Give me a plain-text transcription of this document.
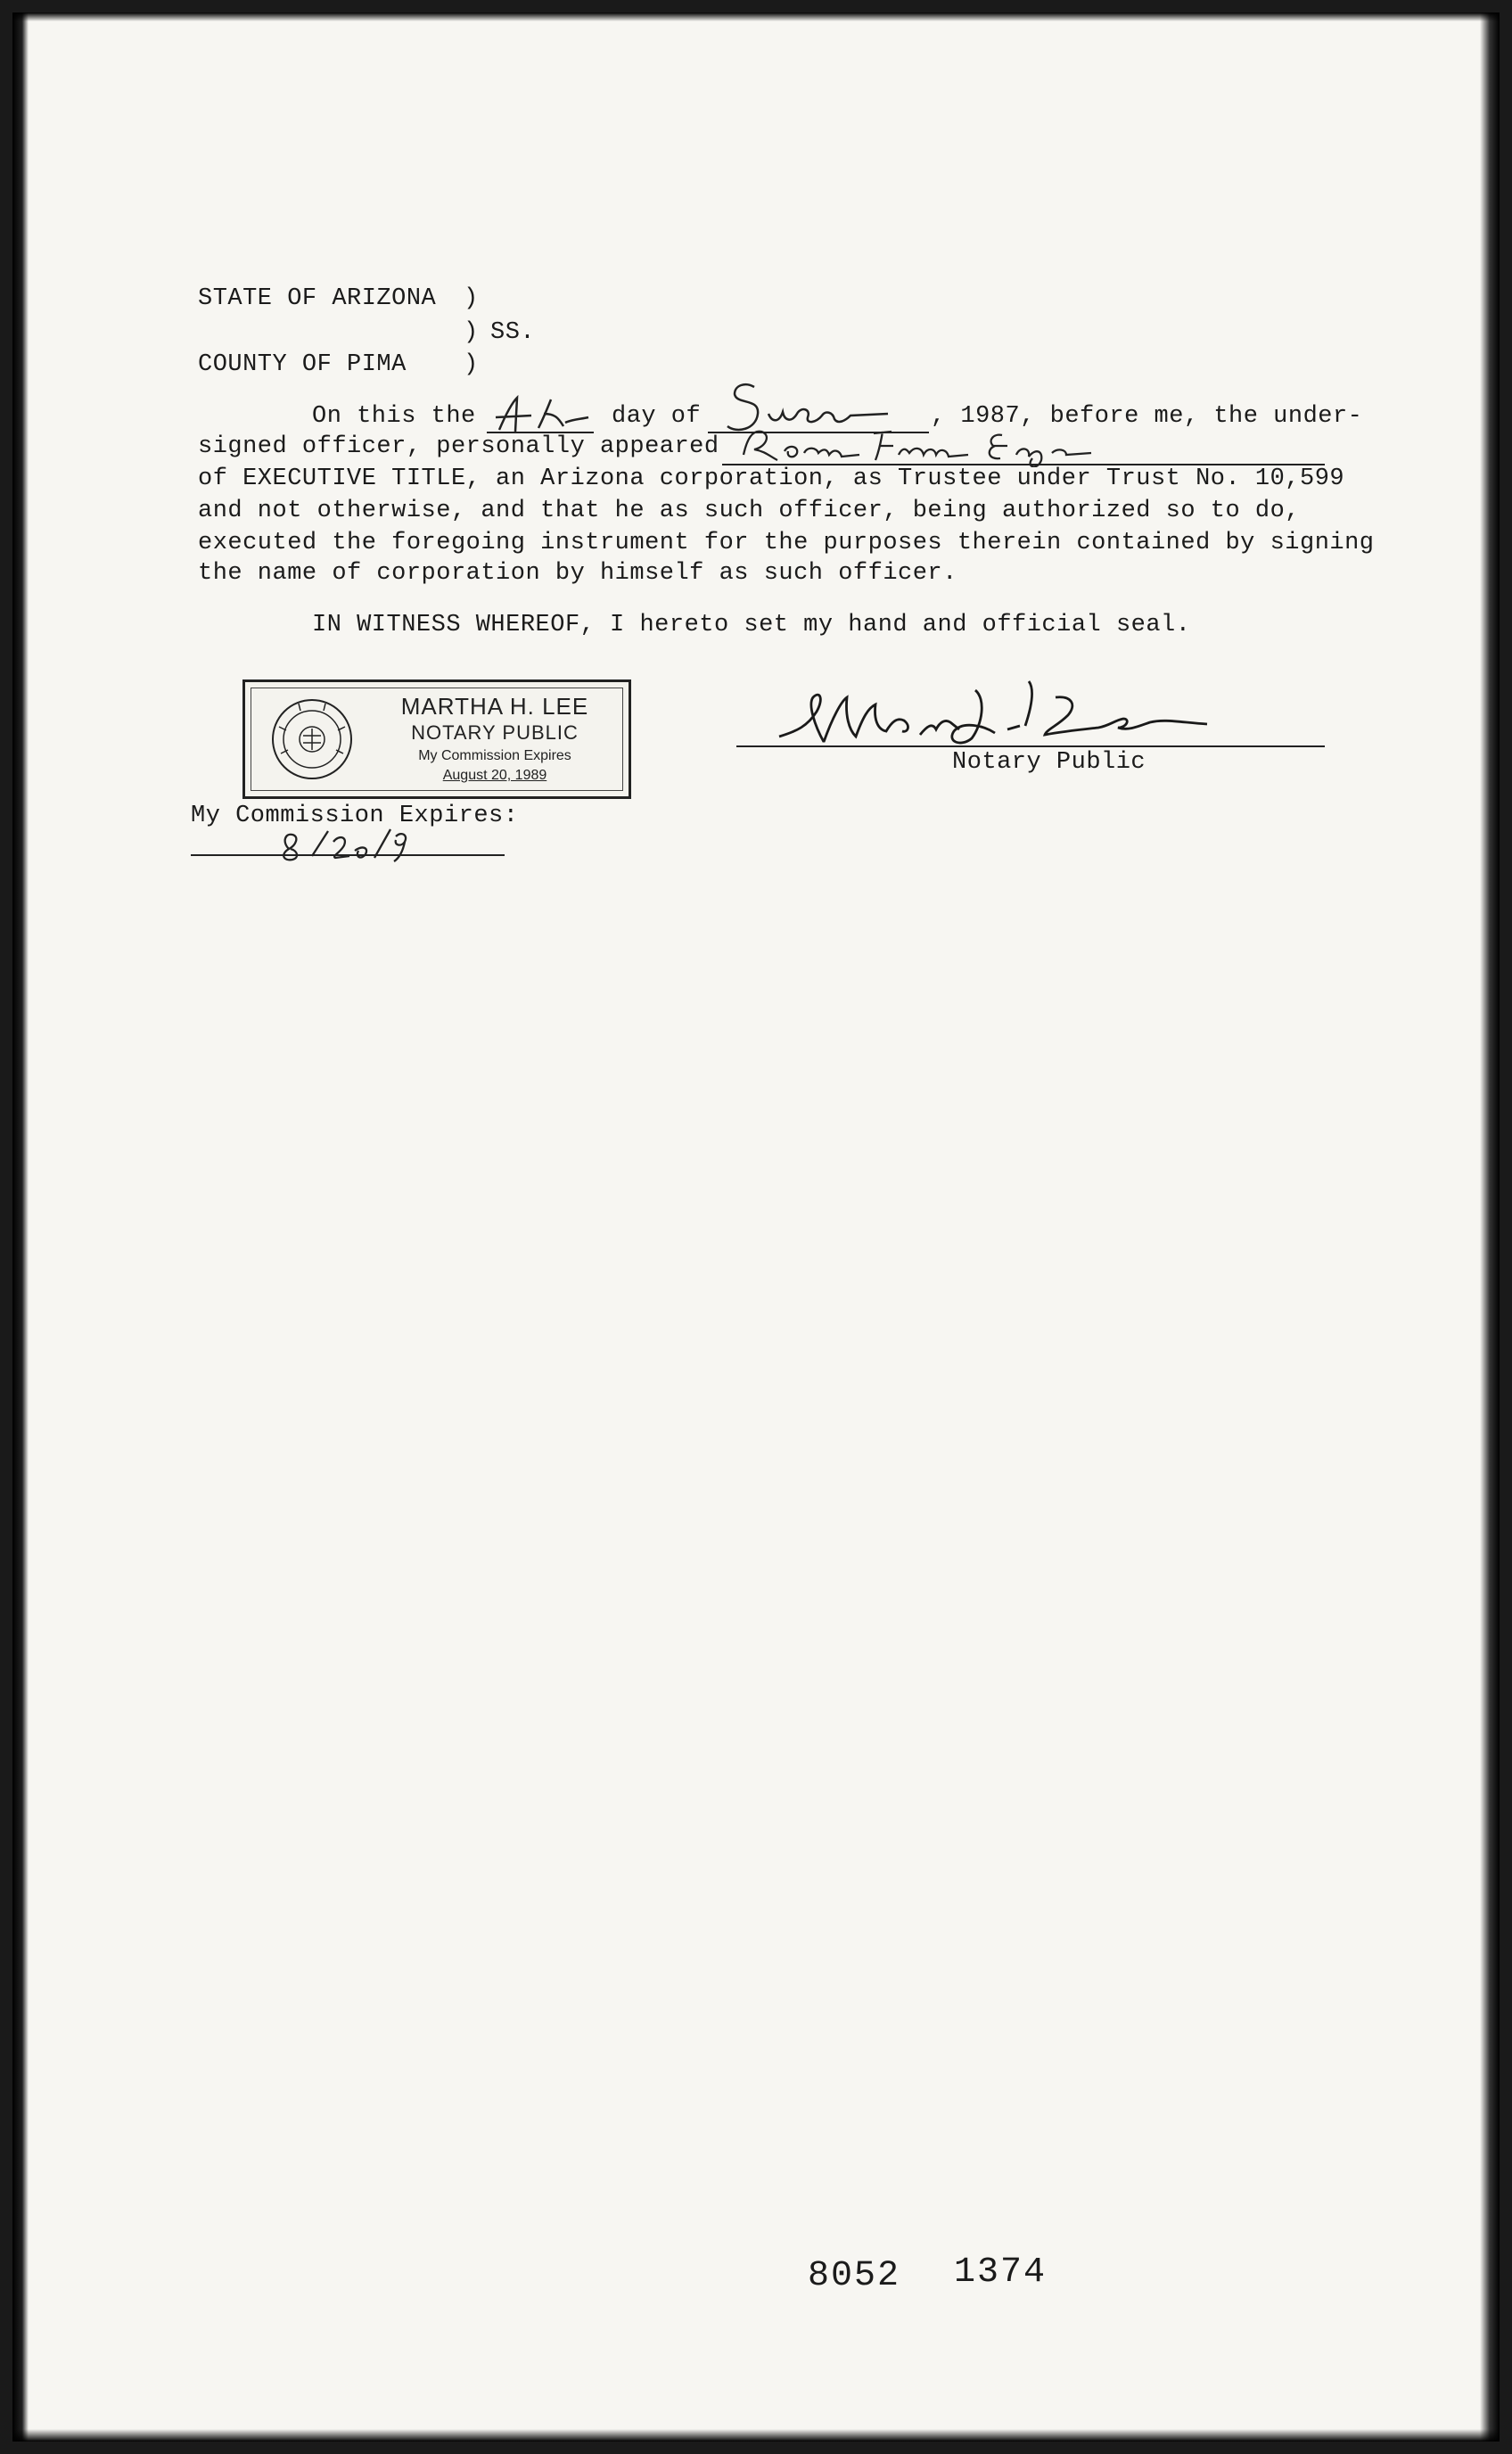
STATE OF ARIZONA )
) SS.
COUNTY OF PIMA )
On this the	day of	, 1987, before me, the under-
signed officer, personally appeared
of EXECUTIVE TITLE, an Arizona corporation, as Trustee under Trust No. 10,599
and not otherwise, and that he as such officer, being authorized so to do,
executed the foregoing instrument for the purposes therein contained by signing
the name of corporation by himself as such officer.
IN WITNESS WHEREOF, I hereto set my hand and official seal.
MARTHA H. LEE
NOTARY PUBLIC
My Commission Expires
August 20, 1989	Notary Public
My Commission Expires:
8052 1374
